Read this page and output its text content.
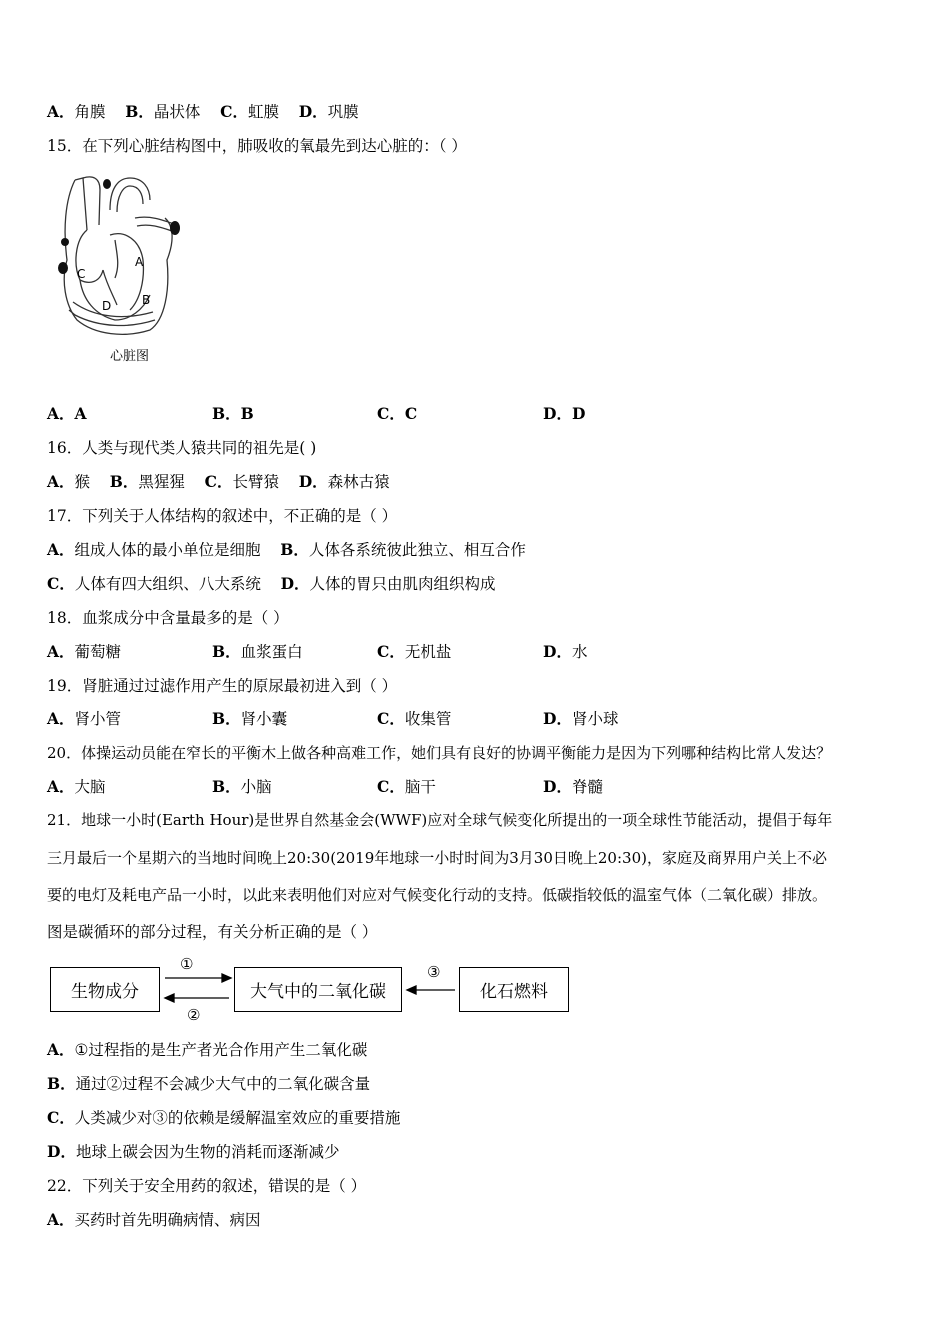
A．角膜 B．晶状体 C．虹膜 D．巩膜
15．在下列心脏结构图中，肺吸收的氧最先到达心脏的：（ ）
C
A
D	B
心脏图
A．A	B．B	C．C	D．D
16．人类与现代类人猿共同的祖先是( )
A．猴 B．黑猩猩 C．长臂猿 D．森林古猿
17．下列关于人体结构的叙述中，不正确的是（ ）
A．组成人体的最小单位是细胞 B．人体各系统彼此独立、相互合作
C．人体有四大组织、八大系统 D．人体的胃只由肌肉组织构成
18．血浆成分中含量最多的是（ ）
A．葡萄糖	B．血浆蛋白	C．无机盐	D．水
19．肾脏通过过滤作用产生的原尿最初进入到（ ）
A．肾小管	B．肾小囊	C．收集管	D．肾小球
20．体操运动员能在窄长的平衡木上做各种高难工作，她们具有良好的协调平衡能力是因为下列哪种结构比常人发达？
A．大脑	B．小脑	C．脑干	D．脊髓
21．地球一小时(Earth Hour)是世界自然基金会(WWF)应对全球气候变化所提出的一项全球性节能活动，提倡于每年
三月最后一个星期六的当地时间晚上20:30(2019年地球一小时时间为3月30日晚上20:30)，家庭及商界用户关上不必
要的电灯及耗电产品一小时，以此来表明他们对应对气候变化行动的支持。低碳指较低的温室气体（二氧化碳）排放。
图是碳循环的部分过程，有关分析正确的是（ ）
生物成分	大气中的二氧化碳	化石燃料
①
②
③
A．①过程指的是生产者光合作用产生二氧化碳
B．通过②过程不会减少大气中的二氧化碳含量
C．人类减少对③的依赖是缓解温室效应的重要措施
D．地球上碳会因为生物的消耗而逐渐减少
22．下列关于安全用药的叙述，错误的是（ ）
A．买药时首先明确病情、病因
